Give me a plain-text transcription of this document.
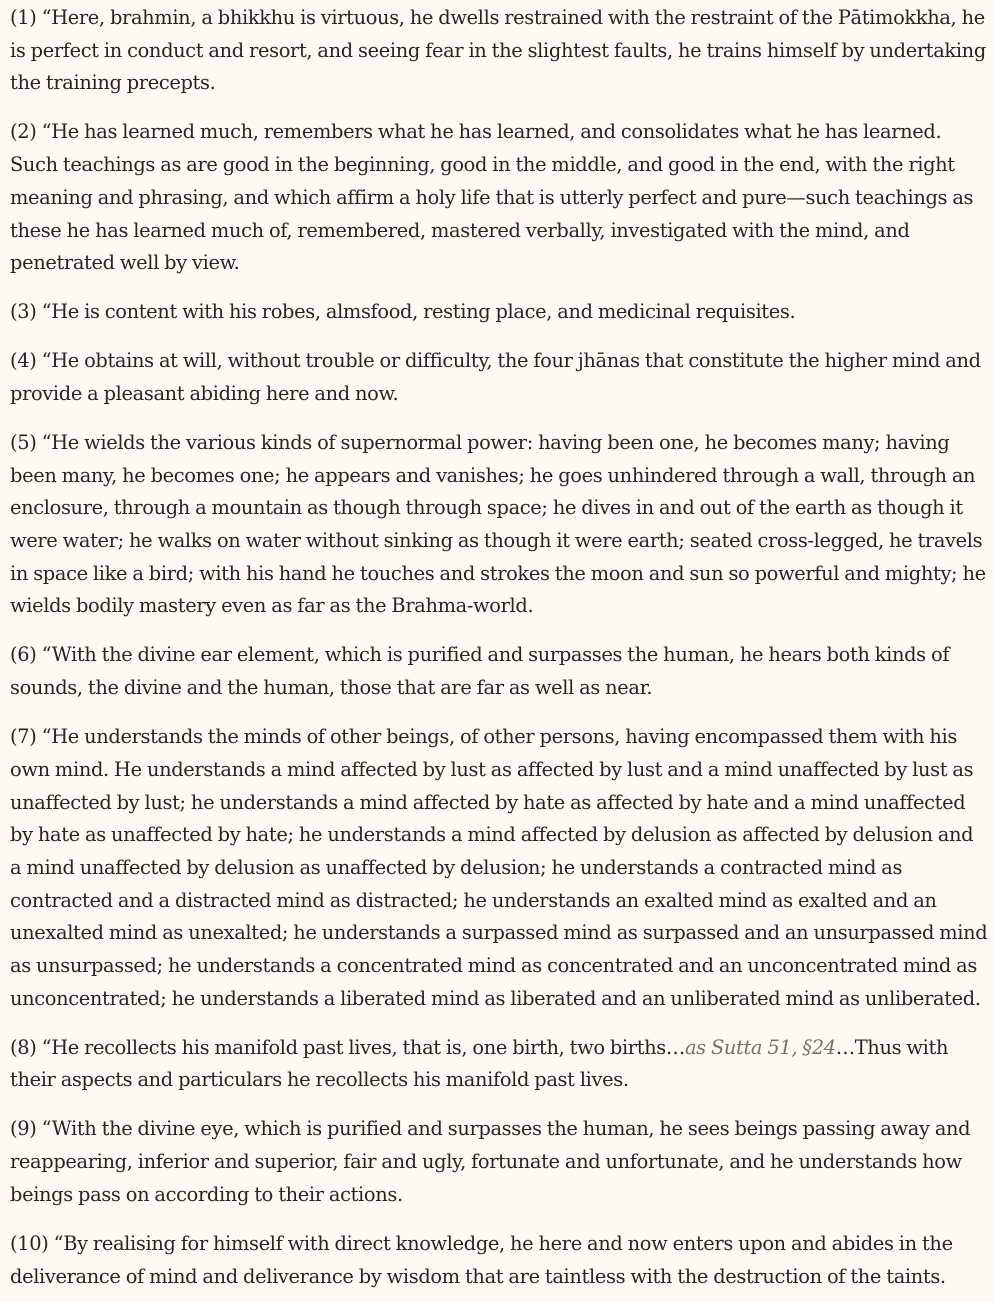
(1) “Here, brahmin, a bhikkhu is virtuous, he dwells restrained with the restraint of the Pātimokkha, he is perfect in conduct and resort, and seeing fear in the slightest faults, he trains himself by undertaking the training precepts.

(2) “He has learned much, remembers what he has learned, and consolidates what he has learned. Such teachings as are good in the beginning, good in the middle, and good in the end, with the right meaning and phrasing, and which affirm a holy life that is utterly perfect and pure—such teachings as these he has learned much of, remembered, mastered verbally, investigated with the mind, and penetrated well by view.

(3) “He is content with his robes, almsfood, resting place, and medicinal requisites.

(4) “He obtains at will, without trouble or difficulty, the four jhānas that constitute the higher mind and provide a pleasant abiding here and now.

(5) “He wields the various kinds of supernormal power: having been one, he becomes many; having been many, he becomes one; he appears and vanishes; he goes unhindered through a wall, through an enclosure, through a mountain as though through space; he dives in and out of the earth as though it were water; he walks on water without sinking as though it were earth; seated cross-legged, he travels in space like a bird; with his hand he touches and strokes the moon and sun so powerful and mighty; he wields bodily mastery even as far as the Brahma-world.

(6) “With the divine ear element, which is purified and surpasses the human, he hears both kinds of sounds, the divine and the human, those that are far as well as near.

(7) “He understands the minds of other beings, of other persons, having encompassed them with his own mind. He understands a mind affected by lust as affected by lust and a mind unaffected by lust as unaffected by lust; he understands a mind affected by hate as affected by hate and a mind unaffected by hate as unaffected by hate; he understands a mind affected by delusion as affected by delusion and a mind unaffected by delusion as unaffected by delusion; he understands a contracted mind as contracted and a distracted mind as distracted; he understands an exalted mind as exalted and an unexalted mind as unexalted; he understands a surpassed mind as surpassed and an unsurpassed mind as unsurpassed; he understands a concentrated mind as concentrated and an unconcentrated mind as unconcentrated; he understands a liberated mind as liberated and an unliberated mind as unliberated.

(8) “He recollects his manifold past lives, that is, one birth, two births…as Sutta 51, §24…Thus with their aspects and particulars he recollects his manifold past lives.

(9) “With the divine eye, which is purified and surpasses the human, he sees beings passing away and reappearing, inferior and superior, fair and ugly, fortunate and unfortunate, and he understands how beings pass on according to their actions.

(10) “By realising for himself with direct knowledge, he here and now enters upon and abides in the deliverance of mind and deliverance by wisdom that are taintless with the destruction of the taints.
